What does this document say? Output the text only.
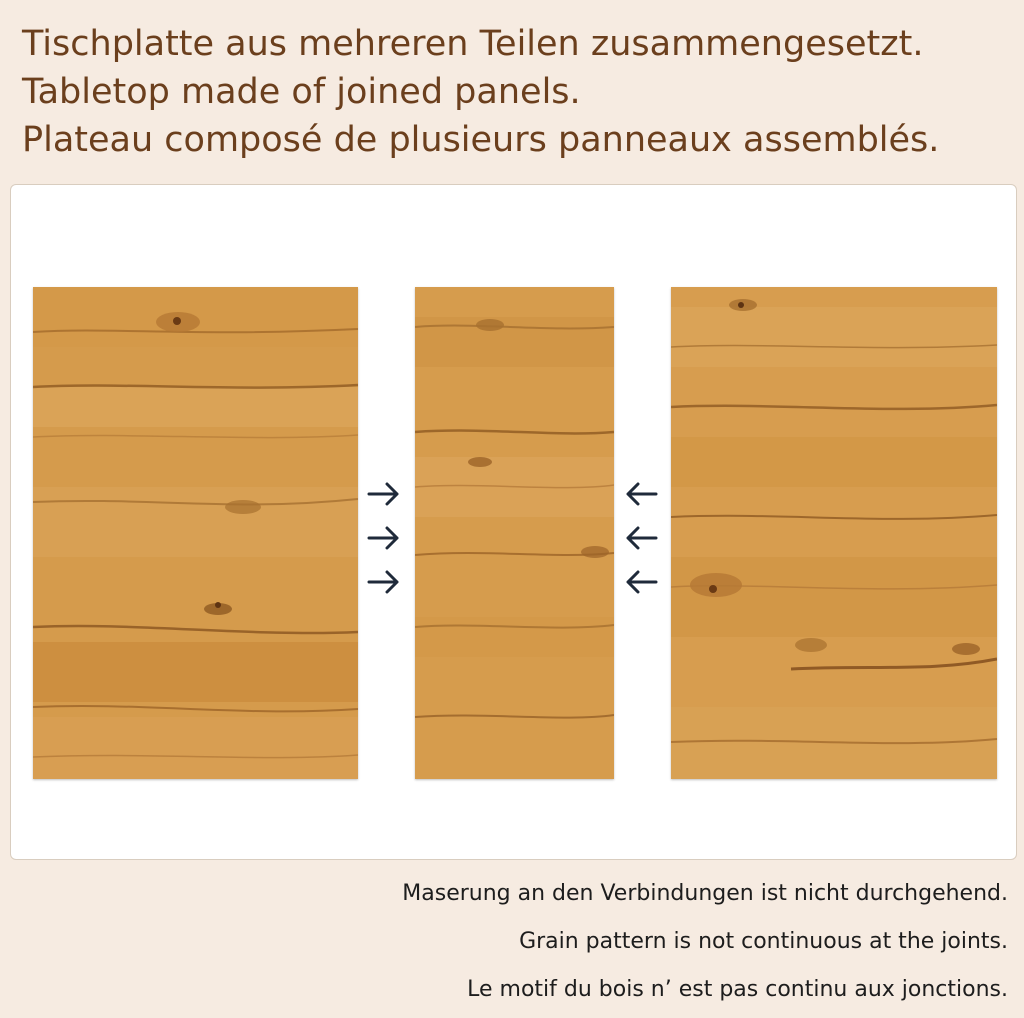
Tischplatte aus mehreren Teilen zusammengesetzt.
Tabletop made of joined panels.
Plateau composé de plusieurs panneaux assemblés.
Maserung an den Verbindungen ist nicht durchgehend.
Grain pattern is not continuous at the joints.
Le motif du bois n’ est pas continu aux jonctions.
